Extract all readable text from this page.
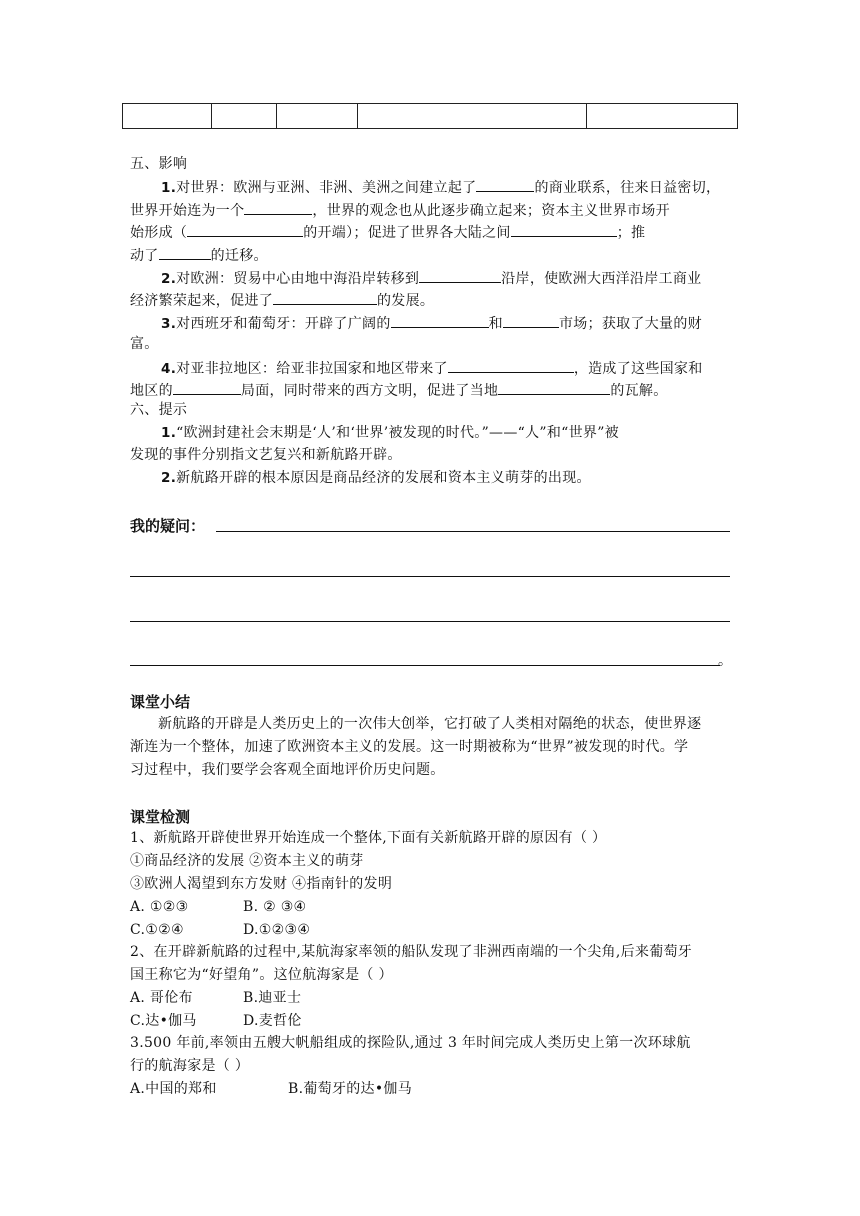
五、影响
1.对世界：欧洲与亚洲、非洲、美洲之间建立起了	的商业联系，往来日益密切，
世界开始连为一个	，世界的观念也从此逐步确立起来；资本主义世界市场开
始形成（	的开端）；促进了世界各大陆之间	；推
动了	的迁移。
2.对欧洲：贸易中心由地中海沿岸转移到	沿岸，使欧洲大西洋沿岸工商业
经济繁荣起来，促进了	的发展。
3.对西班牙和葡萄牙：开辟了广阔的	和	市场；获取了大量的财
富。
4.对亚非拉地区：给亚非拉国家和地区带来了	，造成了这些国家和
地区的	局面，同时带来的西方文明，促进了当地	的瓦解。
六、提示
1.“欧洲封建社会末期是‘人’和‘世界’被发现的时代。”——“人”和“世界”被
发现的事件分别指文艺复兴和新航路开辟。
2.新航路开辟的根本原因是商品经济的发展和资本主义萌芽的出现。
我的疑问：
。
课堂小结
新航路的开辟是人类历史上的一次伟大创举，它打破了人类相对隔绝的状态，使世界逐
渐连为一个整体，加速了欧洲资本主义的发展。这一时期被称为“世界”被发现的时代。学
习过程中，我们要学会客观全面地评价历史问题。
课堂检测
1、新航路开辟使世界开始连成一个整体,下面有关新航路开辟的原因有（ ）
①商品经济的发展 ②资本主义的萌芽
③欧洲人渴望到东方发财 ④指南针的发明
A. ①②③	B. ② ③④
C.①②④	D.①②③④
2、在开辟新航路的过程中,某航海家率领的船队发现了非洲西南端的一个尖角,后来葡萄牙
国王称它为“好望角”。这位航海家是（ ）
A. 哥伦布	B.迪亚士
C.达•伽马	D.麦哲伦
3.500 年前,率领由五艘大帆船组成的探险队,通过 3 年时间完成人类历史上第一次环球航
行的航海家是（ ）
A.中国的郑和	B.葡萄牙的达•伽马
